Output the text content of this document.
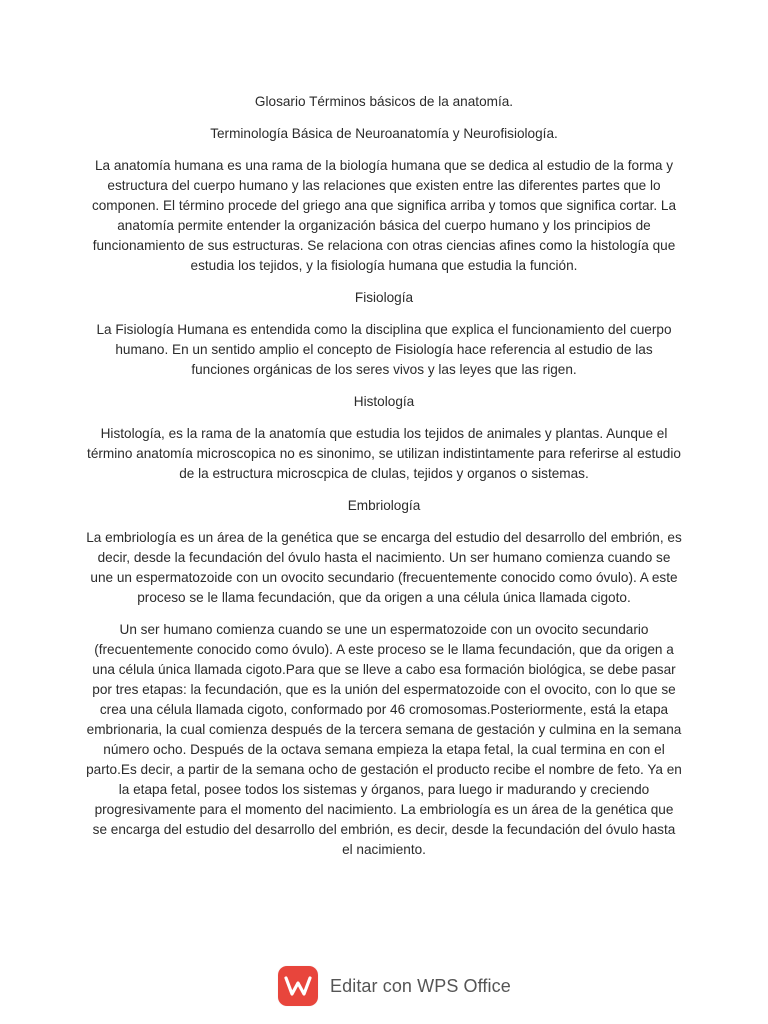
Glosario Términos básicos de la anatomía.

Terminología Básica de Neuroanatomía y Neurofisiología.

La anatomía humana es una rama de la biología humana que se dedica al estudio de la forma y estructura del cuerpo humano y las relaciones que existen entre las diferentes partes que lo componen. El término procede del griego ana que significa arriba y tomos que significa cortar. La anatomía permite entender la organización básica del cuerpo humano y los principios de funcionamiento de sus estructuras. Se relaciona con otras ciencias afines como la histología que estudia los tejidos, y la fisiología humana que estudia la función.

Fisiología

La Fisiología Humana es entendida como la disciplina que explica el funcionamiento del cuerpo humano. En un sentido amplio el concepto de Fisiología hace referencia al estudio de las funciones orgánicas de los seres vivos y las leyes que las rigen.

Histología

Histología, es la rama de la anatomía que estudia los tejidos de animales y plantas. Aunque el término anatomía microscopica no es sinonimo, se utilizan indistintamente para referirse al estudio de la estructura microscpica de clulas, tejidos y organos o sistemas.

Embriología

La embriología es un área de la genética que se encarga del estudio del desarrollo del embrión, es decir, desde la fecundación del óvulo hasta el nacimiento. Un ser humano comienza cuando se une un espermatozoide con un ovocito secundario (frecuentemente conocido como óvulo). A este proceso se le llama fecundación, que da origen a una célula única llamada cigoto.

Un ser humano comienza cuando se une un espermatozoide con un ovocito secundario (frecuentemente conocido como óvulo). A este proceso se le llama fecundación, que da origen a una célula única llamada cigoto.Para que se lleve a cabo esa formación biológica, se debe pasar por tres etapas: la fecundación, que es la unión del espermatozoide con el ovocito, con lo que se crea una célula llamada cigoto, conformado por 46 cromosomas.Posteriormente, está la etapa embrionaria, la cual comienza después de la tercera semana de gestación y culmina en la semana número ocho. Después de la octava semana empieza la etapa fetal, la cual termina en con el parto.Es decir, a partir de la semana ocho de gestación el producto recibe el nombre de feto. Ya en la etapa fetal, posee todos los sistemas y órganos, para luego ir madurando y creciendo progresivamente para el momento del nacimiento. La embriología es un área de la genética que se encarga del estudio del desarrollo del embrión, es decir, desde la fecundación del óvulo hasta el nacimiento.

Editar con WPS Office
